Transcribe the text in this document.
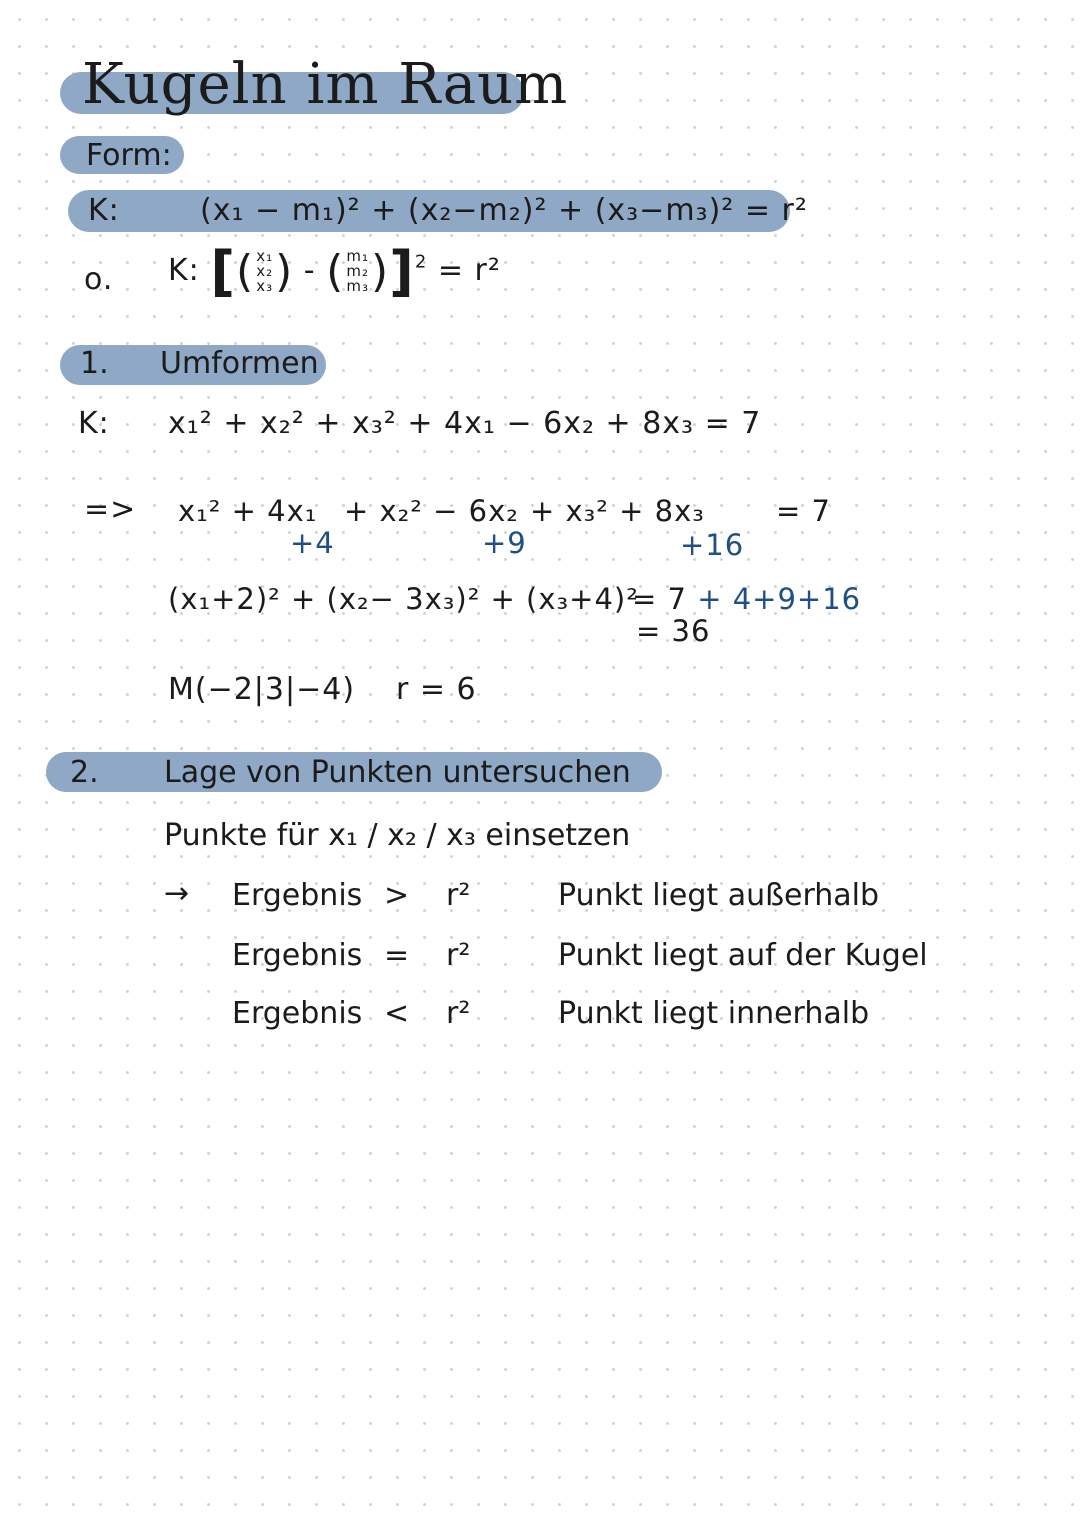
Kugeln im Raum
Form:
K:	(x₁ − m₁)² + (x₂−m₂)² + (x₃−m₃)² = r²
o. K: [( x₁
x₂
x₃) - ( m₁
m₂
m₃)]$^2$ = r²
1. Umformen
K: x₁² + x₂² + x₃² + 4x₁ − 6x₂ + 8x₃ = 7
=> x₁² + 4x₁ + x₂² − 6x₂ + x₃² + 8x₃ = 7
+4	+9	+16
(x₁+2)² + (x₂− 3x₃)² + (x₃+4)²
= 7 + 4+9+16
= 36
M(−2|3|−4) r = 6
2. Lage von Punkten untersuchen
Punkte für x₁ / x₂ / x₃ einsetzen
→ Ergebnis > r²	Punkt liegt außerhalb
Ergebnis = r²	Punkt liegt auf der Kugel
Ergebnis < r²	Punkt liegt innerhalb
